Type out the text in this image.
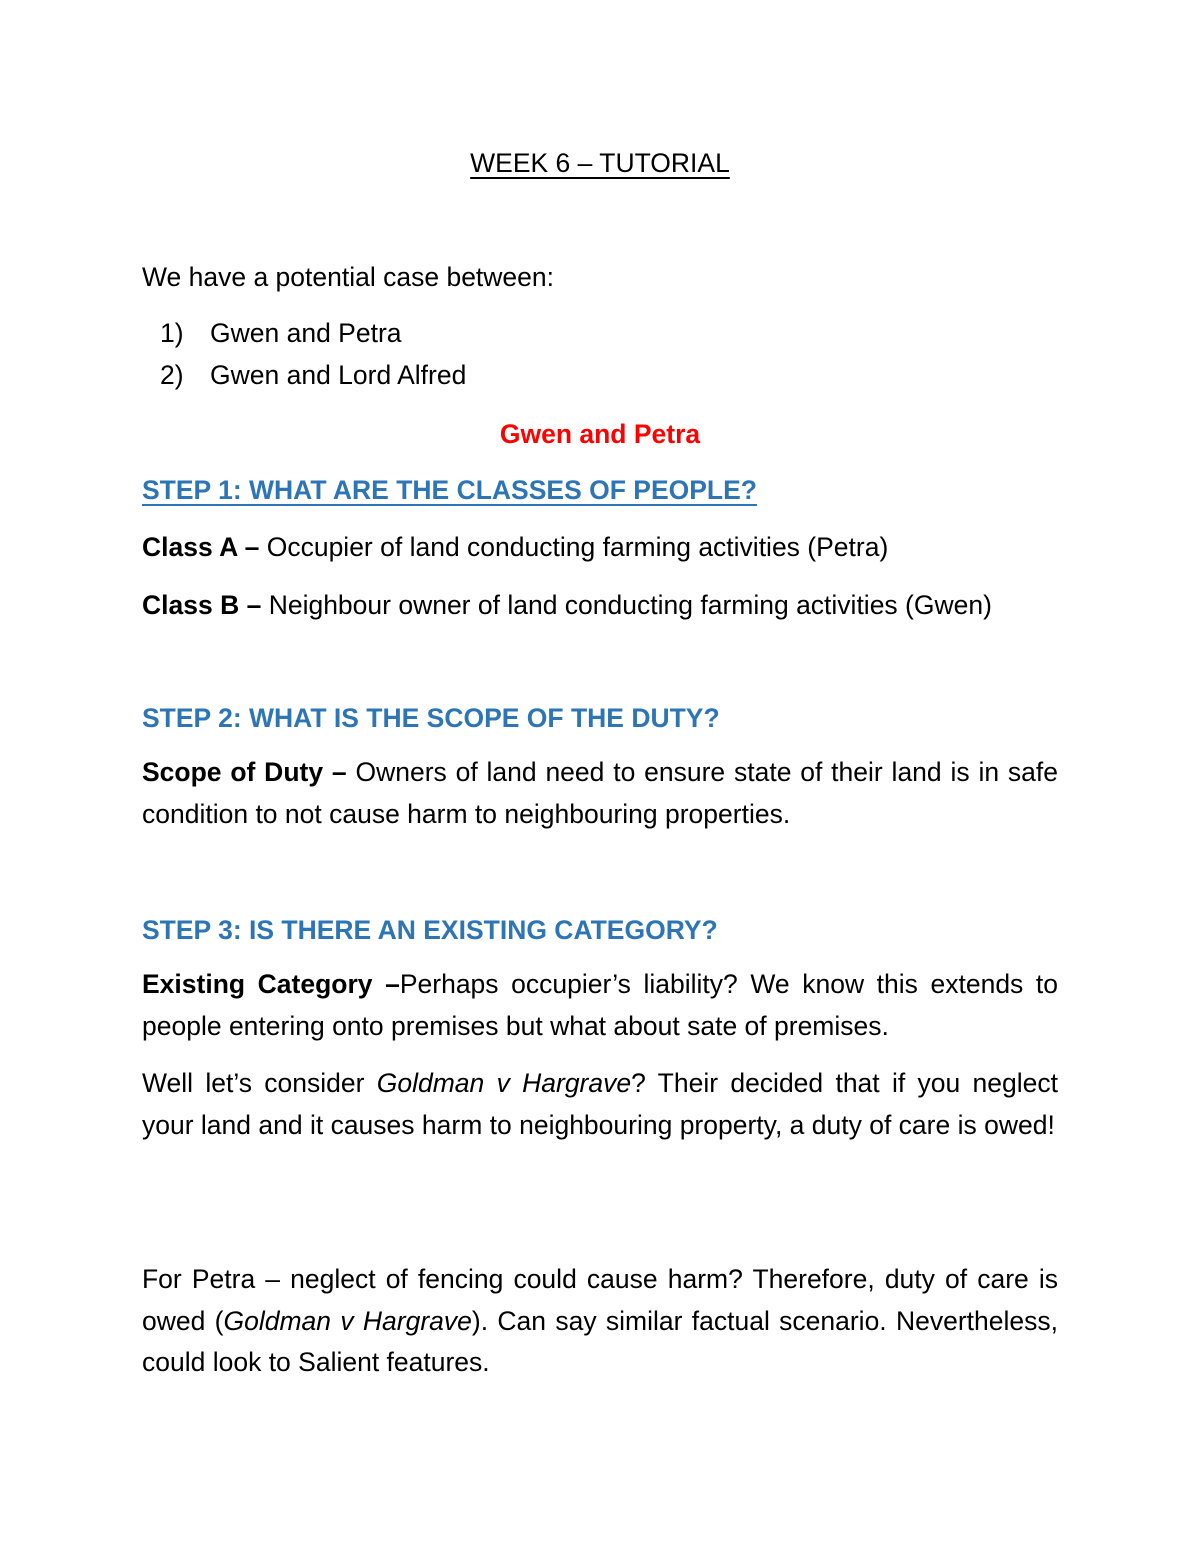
WEEK 6 – TUTORIAL
We have a potential case between:
1) Gwen and Petra
2) Gwen and Lord Alfred
Gwen and Petra
STEP 1: WHAT ARE THE CLASSES OF PEOPLE?
Class A – Occupier of land conducting farming activities (Petra)
Class B – Neighbour owner of land conducting farming activities (Gwen)
STEP 2: WHAT IS THE SCOPE OF THE DUTY?
Scope of Duty – Owners of land need to ensure state of their land is in safe condition to not cause harm to neighbouring properties.
STEP 3: IS THERE AN EXISTING CATEGORY?
Existing Category –Perhaps occupier’s liability? We know this extends to people entering onto premises but what about sate of premises.
Well let’s consider Goldman v Hargrave? Their decided that if you neglect your land and it causes harm to neighbouring property, a duty of care is owed!
For Petra – neglect of fencing could cause harm? Therefore, duty of care is owed (Goldman v Hargrave). Can say similar factual scenario. Nevertheless, could look to Salient features.
